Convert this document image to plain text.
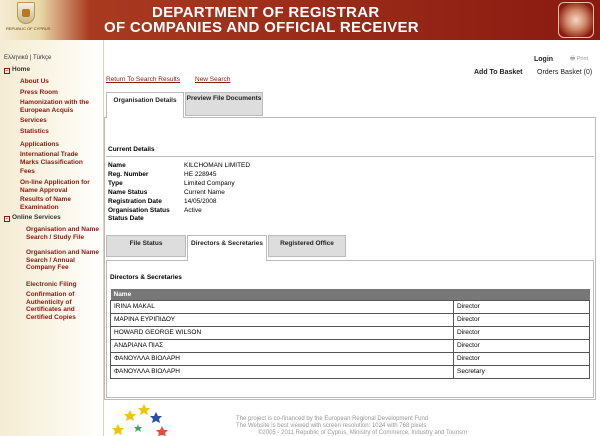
REPUBLIC OF CYPRUS
DEPARTMENT OF REGISTRAR
OF COMPANIES AND OFFICIAL RECEIVER
Ελληνικά | Türkçe
− Home
About Us
Press Room
Hamonization with the European Acquis
Services
Statistics
Applications
International Trade Marks Classification
Fees
On-line Application for Name Approval
Results of Name Examination
− Online Services
Organisation and Name Search / Study File
Organisation and Name Search / Annual Company Fee
Electronic Filing
Confirmation of Authenticity of Certificates and Certified Copies
Login	🖶 Print
Add To Basket Orders Basket (0)
Return To Search Results New Search
Organisation Details	Preview File Documents
Current Details
Name	KILCHOMAN LIMITED
Reg. Number	HE 228945
Type	Limited Company
Name Status	Current Name
Registration Date	14/05/2008
Organisation Status Active
Status Date
File Status	Directors & Secretaries	Registered Office
Directors & Secretaries
Name	
IRINA MAKAL	Director
ΜΑΡΙΝΑ ΕΥΡΙΠΙΔΟΥ	Director
HOWARD GEORGE WILSON	Director
ΑΝΔΡΙΑΝΑ ΠΙΑΣ	Director
ΦΑΝΟΥΛΛΑ ΒΙΟΛΑΡΗ	Director
ΦΑΝΟΥΛΛΑ ΒΙΟΛΑΡΗ	Secretary
The project is co-financed by the European Regional Development Fund
The Website is best viewed with screen resolution: 1024 with 768 pixels
©2005 - 2011 Republic of Cyprus, Ministry of Commerce, Industry and Tourism
